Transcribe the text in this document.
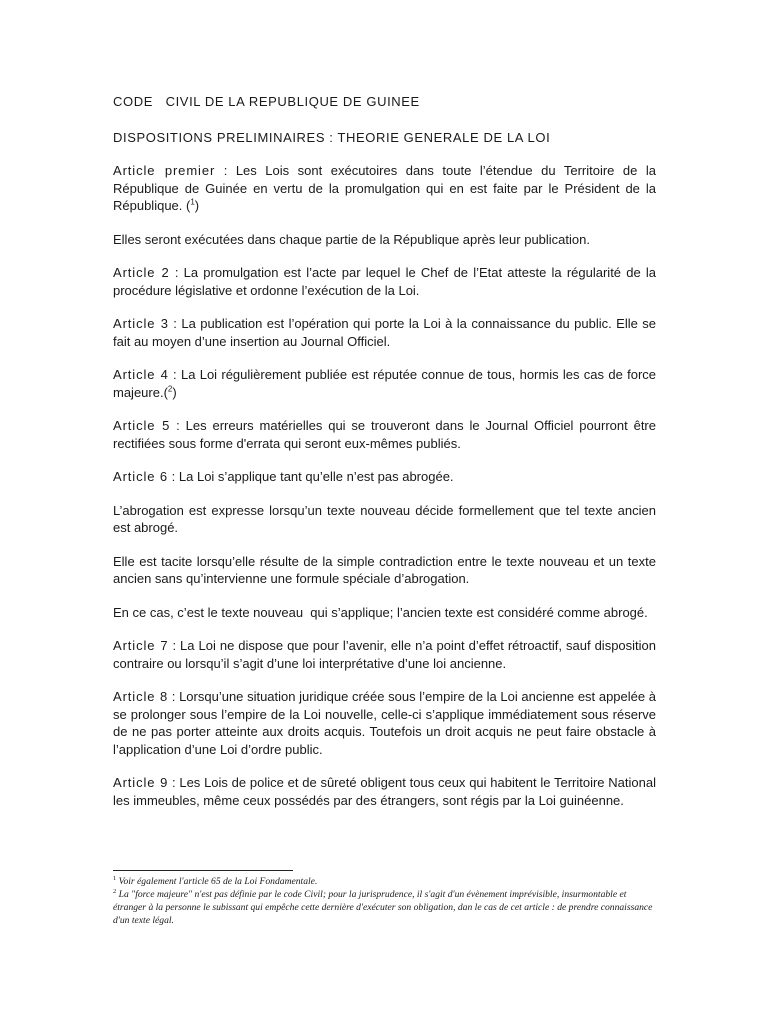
CODE   CIVIL DE LA REPUBLIQUE DE GUINEE
DISPOSITIONS PRELIMINAIRES : THEORIE GENERALE DE LA LOI

Article premier : Les Lois sont exécutoires dans toute l’étendue du Territoire de la République de Guinée en vertu de la promulgation qui en est faite par le Président de la République. ($^1$)

Elles seront exécutées dans chaque partie de la République après leur publication.

Article 2 : La promulgation est l’acte par lequel le Chef de l’Etat atteste la régularité de la procédure législative et ordonne l’exécution de la Loi.

Article 3 : La publication est l’opération qui porte la Loi à la connaissance du public. Elle se fait au moyen d’une insertion au Journal Officiel.

Article 4 : La Loi régulièrement publiée est réputée connue de tous, hormis les cas de force majeure.($^2$)

Article 5 : Les erreurs matérielles qui se trouveront dans le Journal Officiel pourront être rectifiées sous forme d'errata qui seront eux-mêmes publiés.

Article 6 : La Loi s’applique tant qu’elle n’est pas abrogée.

L’abrogation est expresse lorsqu’un texte nouveau décide formellement que tel texte ancien est abrogé.

Elle est tacite lorsqu’elle résulte de la simple contradiction entre le texte nouveau et un texte ancien sans qu’intervienne une formule spéciale d’abrogation.

En ce cas, c’est le texte nouveau  qui s’applique; l’ancien texte est considéré comme abrogé.

Article 7 : La Loi ne dispose que pour l’avenir, elle n’a point d’effet rétroactif, sauf disposition contraire ou lorsqu’il s’agit d’une loi interprétative d’une loi ancienne.

Article 8 : Lorsqu’une situation juridique créée sous l’empire de la Loi ancienne est appelée à se prolonger sous l’empire de la Loi nouvelle, celle-ci s’applique immédiatement sous réserve de ne pas porter atteinte aux droits acquis. Toutefois un droit acquis ne peut faire obstacle à l’application d’une Loi d’ordre public.

Article 9 : Les Lois de police et de sûreté obligent tous ceux qui habitent le Territoire National les immeubles, même ceux possédés par des étrangers, sont régis par la Loi guinéenne.

$^1$ Voir également l'article 65 de la Loi Fondamentale.

$^2$ La "force majeure" n'est pas définie par le code Civil; pour la jurisprudence, il s'agit d'un évènement imprévisible, insurmontable et étranger à la personne le subissant qui empêche cette dernière d'exécuter son obligation, dan le cas de cet article : de prendre connaissance d'un texte légal.
